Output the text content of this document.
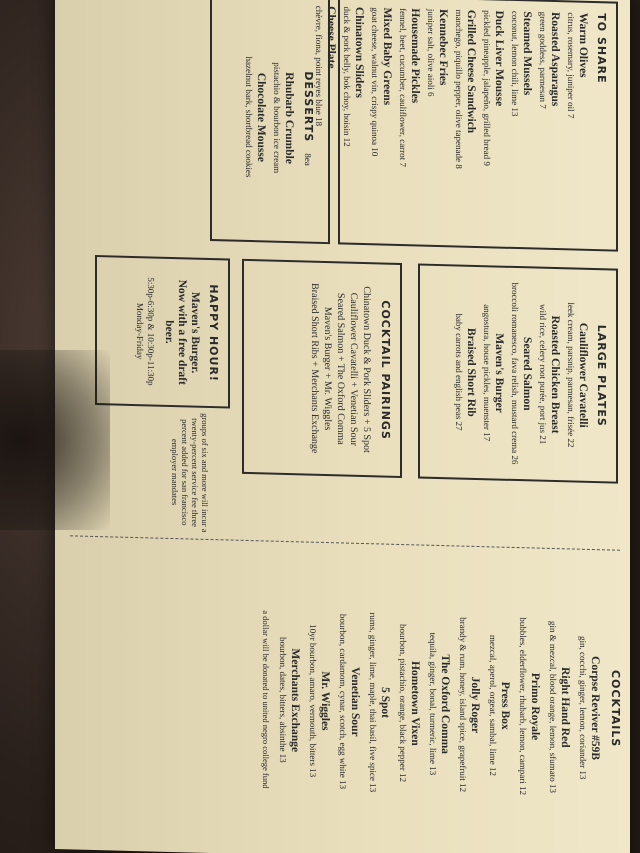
TO SHARE
Warm Olives
citrus, rosemary, juniper oil 7
Roasted Asparagus
green goddess, parmesan 7
Steamed Mussels
coconut, lemon chili, lime 13
Duck Liver Mousse
pickled pineapple, jalapeño, grilled bread 9
Grilled Cheese Sandwich
manchego, piquillo pepper, olive tapenade 8
Kennebec Fries
juniper salt, olive aioli 6
Housemade Pickles
fennel, beet, cucumber, cauliflower, carrot 7
Mixed Baby Greens
goat cheese, walnut vin, crispy quinoa 10
Chinatown Sliders
duck & pork belly, bok choy, hoisin 12
Cheese Plate
chèvre, fiona, point reyes blue 18
DESSERTS 8ea
Rhubarb Crumble
pistachio & bourbon ice cream
Chocolate Mousse
hazelnut bark, shortbread cookies
LARGE PLATES
Cauliflower Cavatelli
leek cream, parsnip, parmesan, frisée 22
Roasted Chicken Breast
wild rice, celery root purée, port jus 21
Seared Salmon
broccoli romanesco, fava relish, mustard crema 26
Maven's Burger
angostura, house pickles, muenster 17
Braised Short Rib
baby carrots and english peas 27
COCKTAIL PAIRINGS
Chinatown Duck & Pork Sliders + 5 Spot
Cauliflower Cavatelli + Venetian Sour
Seared Salmon + The Oxford Comma
Maven's Burger + Mr. Wiggles
Braised Short Ribs + Merchants Exchange
HAPPY HOUR!
Maven's Burger.
Now with a free draft beer.
5:30p-6:30p & 10:30p-11:30p
Monday-Friday
groups of six and more will incur a twenty-percent service fee three percent added for san francisco employer mandates
COCKTAILS
Corpse Reviver #59B
gin, cocchi, ginger, lemon, coriander 13
Right Hand Red
gin & mezcal, blood orange, lemon, sfumato 13
Primo Royale
bubbles, elderflower, rhubarb, lemon, campari 12
Press Box
mezcal, aperol, orgeat, sambal, lime 12
Jolly Roger
brandy & rum, honey, island spice, grapefruit 12
The Oxford Comma
tequila, ginger, bonal, turmeric, lime 13
Hometown Vixen
bourbon, pistachio, orange, black pepper 12
5 Spot
rums, ginger, lime, maple, thai basil, five spice 13
Venetian Sour
bourbon, cardamom, cynar, scotch, egg white 13
Mr. Wiggles
10yr bourbon, amaro, vermouth, bitters 13
Merchants Exchange
bourbon, dates, bitters, absinthe 13
a dollar will be donated to united negro college fund
